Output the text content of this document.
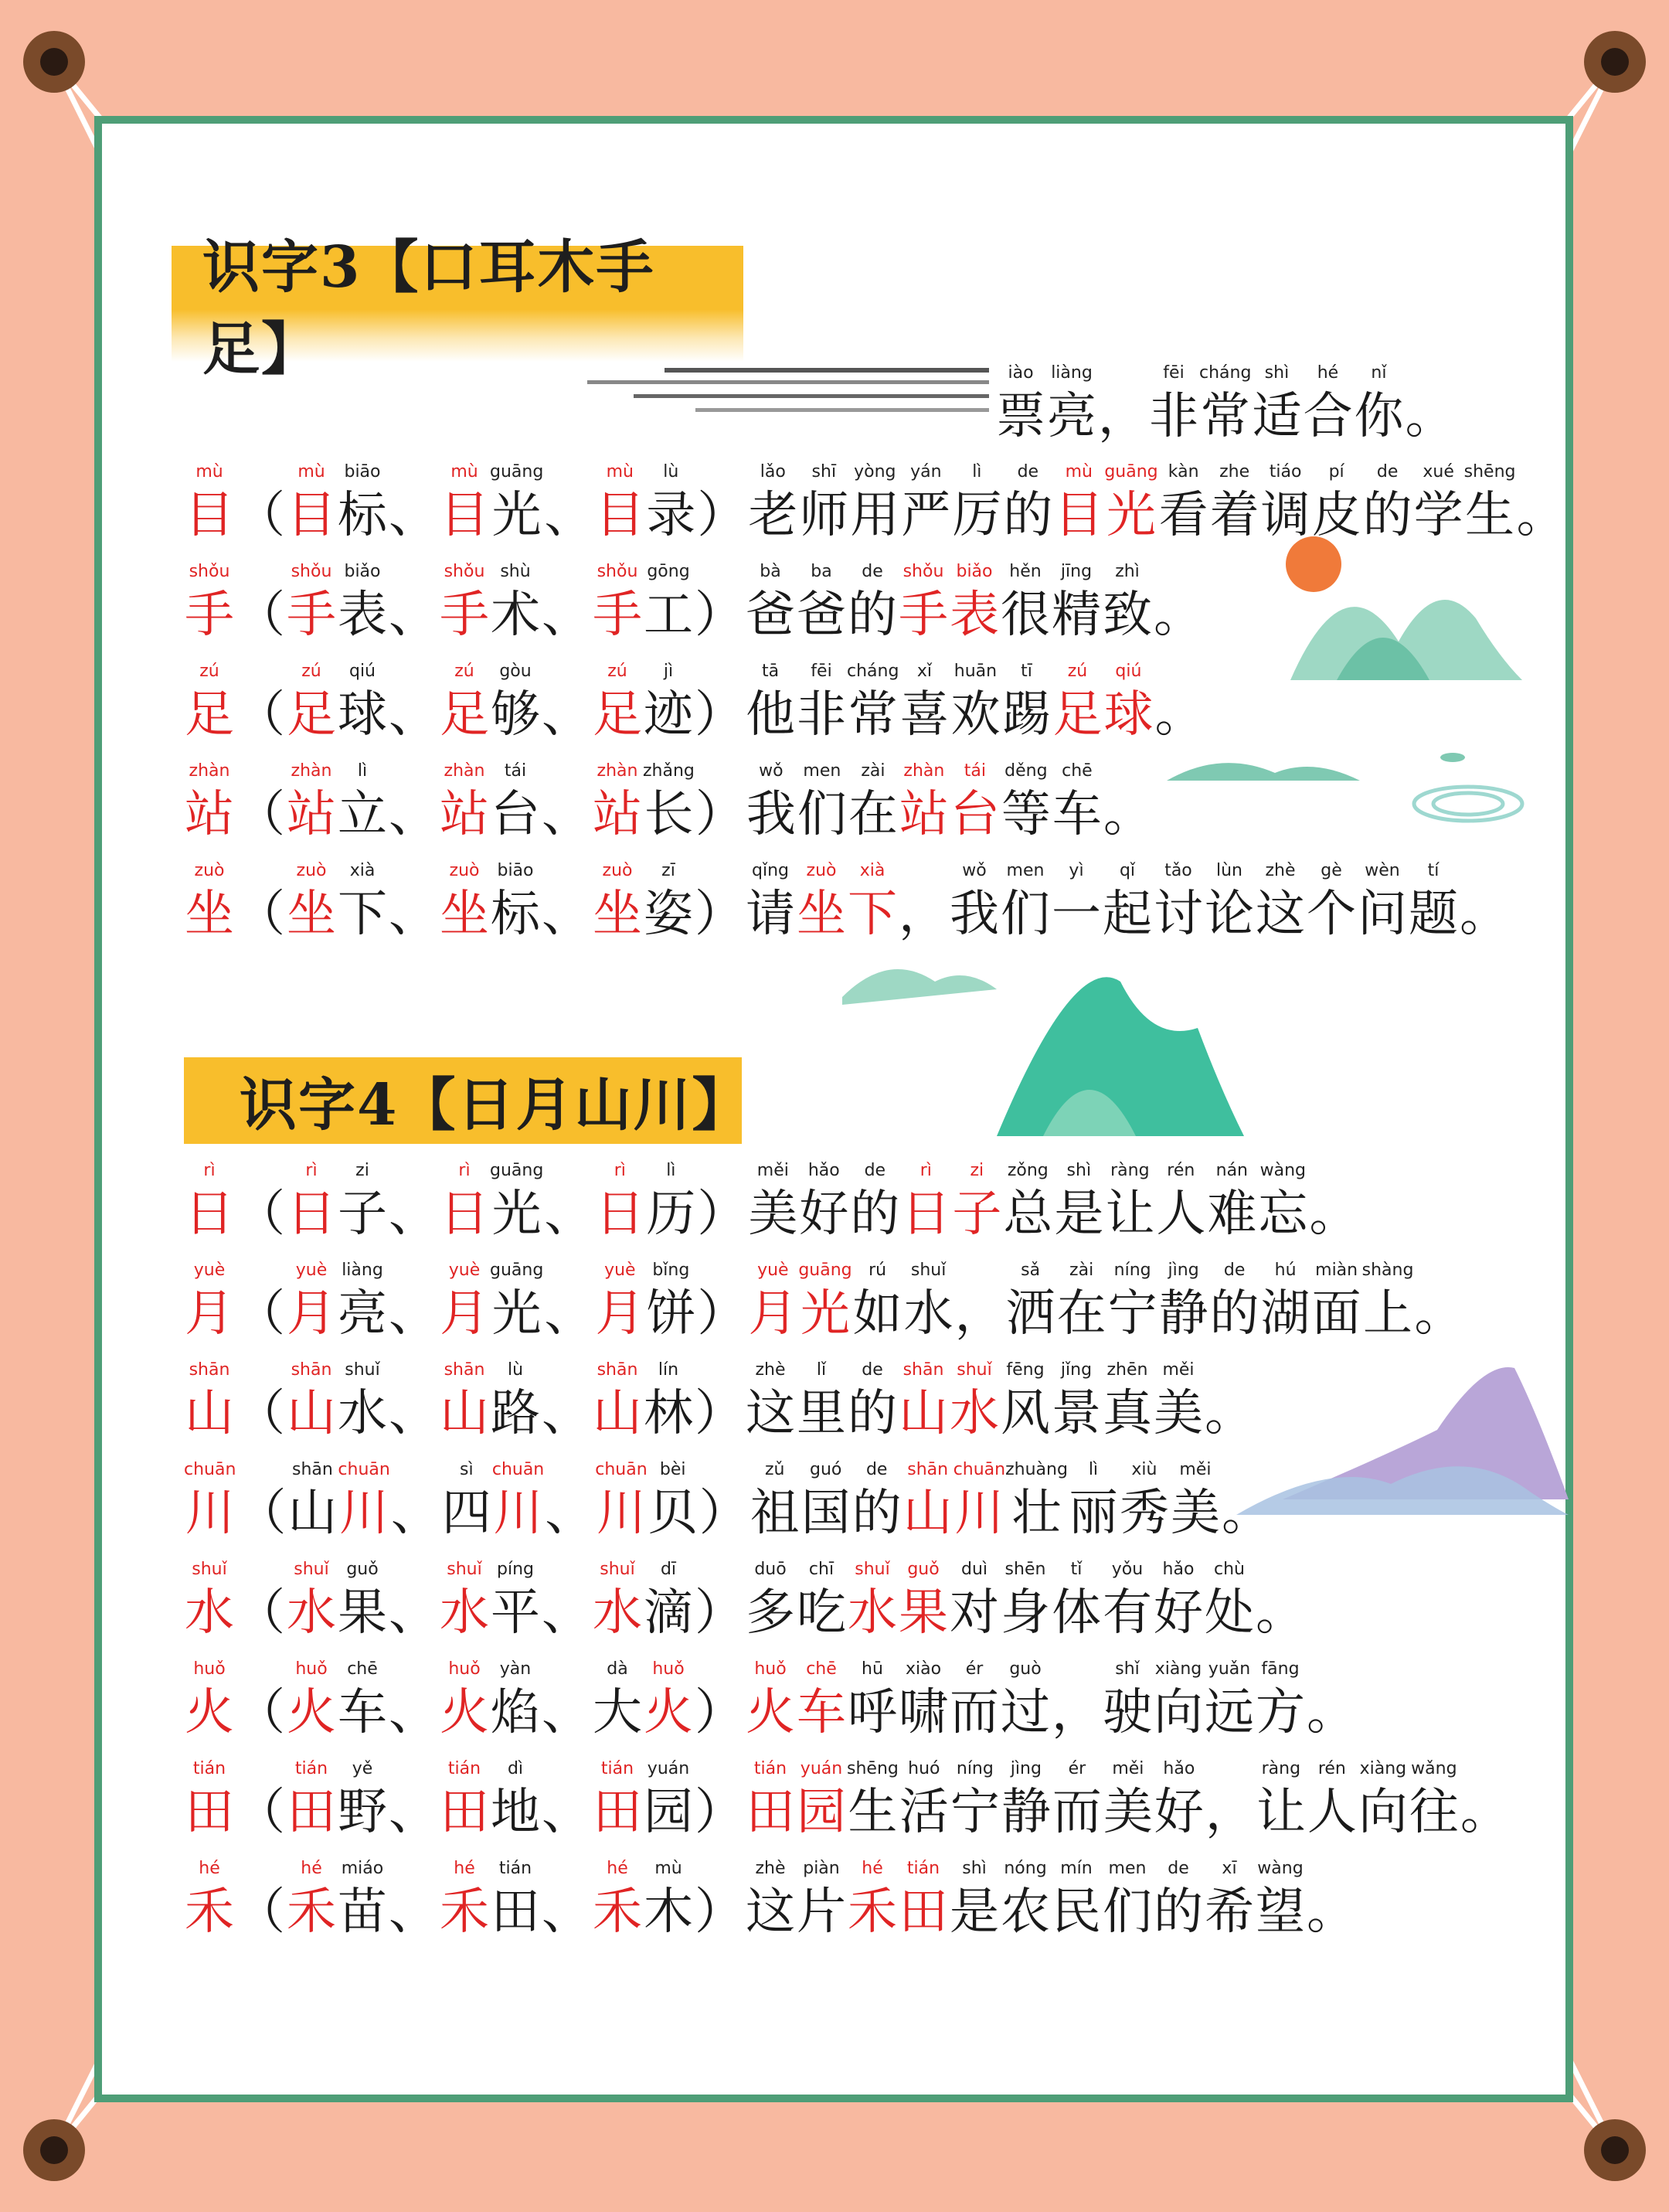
识字3【口耳木手足】
识字4【日月山川】
iào
票
liàng
亮 ，
fēi
非
cháng
常
shì
适
hé
合
nǐ
你 。
mù
目 （
mù
目
biāo
标 、
mù
目
guāng
光 、
mù
目
lù
录 ）
lǎo
老
shī
师
yòng
用
yán
严
lì
厉
de
的
mù
目
guāng
光
kàn
看
zhe
着
tiáo
调
pí
皮
de
的
xué
学
shēng
生 。
shǒu
手 （
shǒu
手
biǎo
表 、
shǒu
手
shù
术 、
shǒu
手
gōng
工 ）
bà
爸
ba
爸
de
的
shǒu
手
biǎo
表
hěn
很
jīng
精
zhì
致 。
zú
足 （
zú
足
qiú
球 、
zú
足
gòu
够 、
zú
足
jì
迹 ）
tā
他
fēi
非
cháng
常
xǐ
喜
huān
欢
tī
踢
zú
足
qiú
球 。
zhàn
站 （
zhàn
站
lì
立 、
zhàn
站
tái
台 、
zhàn
站
zhǎng
长 ）
wǒ
我
men
们
zài
在
zhàn
站
tái
台
děng
等
chē
车 。
zuò
坐 （
zuò
坐
xià
下 、
zuò
坐
biāo
标 、
zuò
坐
zī
姿 ）
qǐng
请
zuò
坐
xià
下 ，
wǒ
我
men
们
yì
一
qǐ
起
tǎo
讨
lùn
论
zhè
这
gè
个
wèn
问
tí
题 。
rì
日 （
rì
日
zi
子 、
rì
日
guāng
光 、
rì
日
lì
历 ）
měi
美
hǎo
好
de
的
rì
日
zi
子
zǒng
总
shì
是
ràng
让
rén
人
nán
难
wàng
忘 。
yuè
月 （
yuè
月
liàng
亮 、
yuè
月
guāng
光 、
yuè
月
bǐng
饼 ）
yuè
月
guāng
光
rú
如
shuǐ
水 ，
sǎ
洒
zài
在
níng
宁
jìng
静
de
的
hú
湖
miàn
面
shàng
上 。
shān
山 （
shān
山
shuǐ
水 、
shān
山
lù
路 、
shān
山
lín
林 ）
zhè
这
lǐ
里
de
的
shān
山
shuǐ
水
fēng
风
jǐng
景
zhēn
真
měi
美 。
chuān
川 （
shān
山
chuān
川 、
sì
四
chuān
川 、
chuān
川
bèi
贝 ）
zǔ
祖
guó
国
de
的
shān
山
chuān
川
zhuàng
壮
lì
丽
xiù
秀
měi
美 。
shuǐ
水 （
shuǐ
水
guǒ
果 、
shuǐ
水
píng
平 、
shuǐ
水
dī
滴 ）
duō
多
chī
吃
shuǐ
水
guǒ
果
duì
对
shēn
身
tǐ
体
yǒu
有
hǎo
好
chù
处 。
huǒ
火 （
huǒ
火
chē
车 、
huǒ
火
yàn
焰 、
dà
大
huǒ
火 ）
huǒ
火
chē
车
hū
呼
xiào
啸
ér
而
guò
过 ，
shǐ
驶
xiàng
向
yuǎn
远
fāng
方 。
tián
田 （
tián
田
yě
野 、
tián
田
dì
地 、
tián
田
yuán
园 ）
tián
田
yuán
园
shēng
生
huó
活
níng
宁
jìng
静
ér
而
měi
美
hǎo
好 ，
ràng
让
rén
人
xiàng
向
wǎng
往 。
hé
禾 （
hé
禾
miáo
苗 、
hé
禾
tián
田 、
hé
禾
mù
木 ）
zhè
这
piàn
片
hé
禾
tián
田
shì
是
nóng
农
mín
民
men
们
de
的
xī
希
wàng
望 。
